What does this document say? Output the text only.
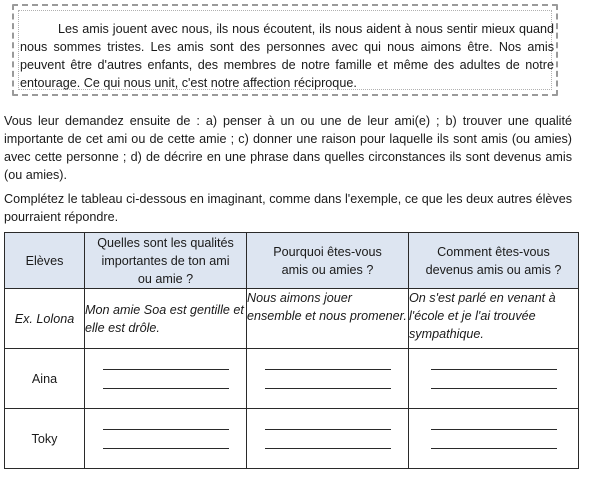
Les amis jouent avec nous, ils nous écoutent, ils nous aident à nous sentir mieux quand nous sommes tristes. Les amis sont des personnes avec qui nous aimons être. Nos amis peuvent être d'autres enfants, des membres de notre famille et même des adultes de notre entourage. Ce qui nous unit, c'est notre affection réciproque.

Vous leur demandez ensuite de : a) penser à un ou une de leur ami(e) ; b) trouver une qualité importante de cet ami ou de cette amie ; c) donner une raison pour laquelle ils sont amis (ou amies) avec cette personne ; d) de décrire en une phrase dans quelles circonstances ils sont devenus amis (ou amies).

Complétez le tableau ci-dessous en imaginant, comme dans l'exemple, ce que les deux autres élèves pourraient répondre.

Elèves	Quelles sont les qualités importantes de ton ami ou amie ?	Pourquoi êtes-vous amis ou amies ?	Comment êtes-vous devenus amis ou amis ?
Ex. Lolona	Mon amie Soa est gentille et elle est drôle.	Nous aimons jouer ensemble et nous promener.	On s'est parlé en venant à l'école et je l'ai trouvée sympathique.
Aina	

Toky	
